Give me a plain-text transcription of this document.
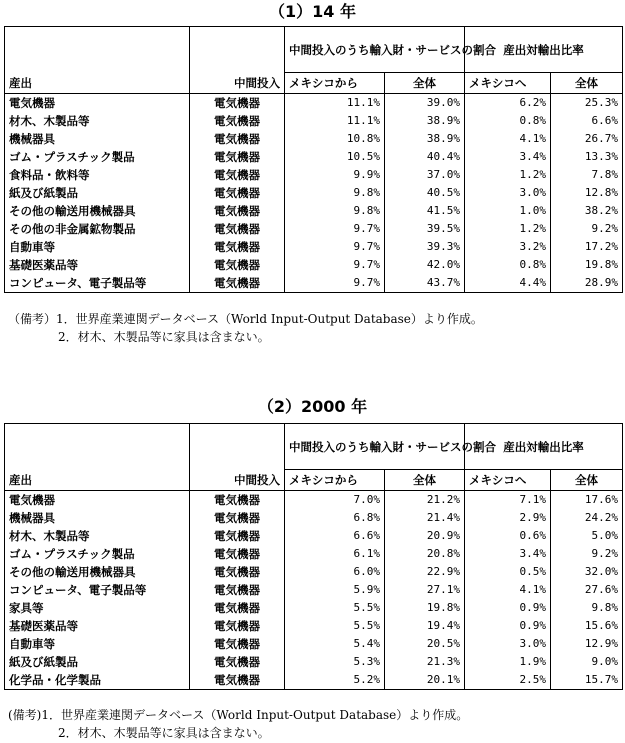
（1）14 年
		中間投入のうち輸入財・サービスの割合		産出対輸出比率	
産出	中間投入	メキシコから	全体	メキシコへ	全体
電気機器	電気機器	11.1%	39.0%	6.2%	25.3%
材木、木製品等	電気機器	11.1%	38.9%	0.8%	6.6%
機械器具	電気機器	10.8%	38.9%	4.1%	26.7%
ゴム・プラスチック製品	電気機器	10.5%	40.4%	3.4%	13.3%
食料品・飲料等	電気機器	9.9%	37.0%	1.2%	7.8%
紙及び紙製品	電気機器	9.8%	40.5%	3.0%	12.8%
その他の輸送用機械器具	電気機器	9.8%	41.5%	1.0%	38.2%
その他の非金属鉱物製品	電気機器	9.7%	39.5%	1.2%	9.2%
自動車等	電気機器	9.7%	39.3%	3.2%	17.2%
基礎医薬品等	電気機器	9.7%	42.0%	0.8%	19.8%
コンピュータ、電子製品等	電気機器	9.7%	43.7%	4.4%	28.9%
（備考）1．世界産業連関データベース（World Input-Output Database）より作成。
2．材木、木製品等に家具は含まない。
（2）2000 年
		中間投入のうち輸入財・サービスの割合		産出対輸出比率	
産出	中間投入	メキシコから	全体	メキシコへ	全体
電気機器	電気機器	7.0%	21.2%	7.1%	17.6%
機械器具	電気機器	6.8%	21.4%	2.9%	24.2%
材木、木製品等	電気機器	6.6%	20.9%	0.6%	5.0%
ゴム・プラスチック製品	電気機器	6.1%	20.8%	3.4%	9.2%
その他の輸送用機械器具	電気機器	6.0%	22.9%	0.5%	32.0%
コンピュータ、電子製品等	電気機器	5.9%	27.1%	4.1%	27.6%
家具等	電気機器	5.5%	19.8%	0.9%	9.8%
基礎医薬品等	電気機器	5.5%	19.4%	0.9%	15.6%
自動車等	電気機器	5.4%	20.5%	3.0%	12.9%
紙及び紙製品	電気機器	5.3%	21.3%	1.9%	9.0%
化学品・化学製品	電気機器	5.2%	20.1%	2.5%	15.7%
(備考)1．世界産業連関データベース（World Input-Output Database）より作成。
2．材木、木製品等に家具は含まない。
